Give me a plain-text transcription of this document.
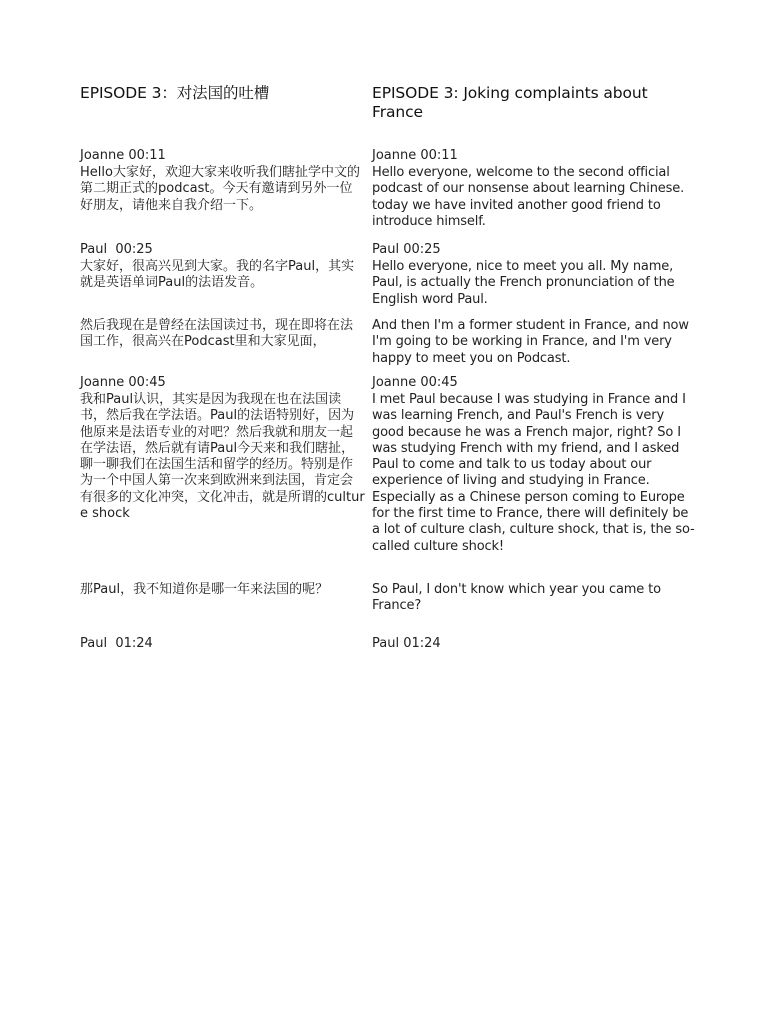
EPISODE 3：对法国的吐槽
Joanne 00:11
Hello大家好，欢迎大家来收听我们瞎扯学中文的第二期正式的podcast。今天有邀请到另外一位好朋友，请他来自我介绍一下。
Paul  00:25
大家好，很高兴见到大家。我的名字Paul，其实就是英语单词Paul的法语发音。
然后我现在是曾经在法国读过书，现在即将在法国工作，很高兴在Podcast里和大家见面，
Joanne 00:45
我和Paul认识，其实是因为我现在也在法国读书，然后我在学法语。Paul的法语特别好，因为他原来是法语专业的对吧？然后我就和朋友一起在学法语，然后就有请Paul今天来和我们瞎扯，聊一聊我们在法国生活和留学的经历。特别是作为一个中国人第一次来到欧洲来到法国，肯定会有很多的文化冲突，文化冲击，就是所谓的culture shock
那Paul，我不知道你是哪一年来法国的呢？
Paul  01:24
EPISODE 3: Joking complaints about France
Joanne 00:11
Hello everyone, welcome to the second official podcast of our nonsense about learning Chinese. today we have invited another good friend to introduce himself.
Paul 00:25
Hello everyone, nice to meet you all. My name, Paul, is actually the French pronunciation of the English word Paul.
And then I'm a former student in France, and now I'm going to be working in France, and I'm very happy to meet you on Podcast.
Joanne 00:45
I met Paul because I was studying in France and I was learning French, and Paul's French is very good because he was a French major, right? So I was studying French with my friend, and I asked Paul to come and talk to us today about our experience of living and studying in France. Especially as a Chinese person coming to Europe for the first time to France, there will definitely be a lot of culture clash, culture shock, that is, the so-called culture shock!
So Paul, I don't know which year you came to France?
Paul 01:24
